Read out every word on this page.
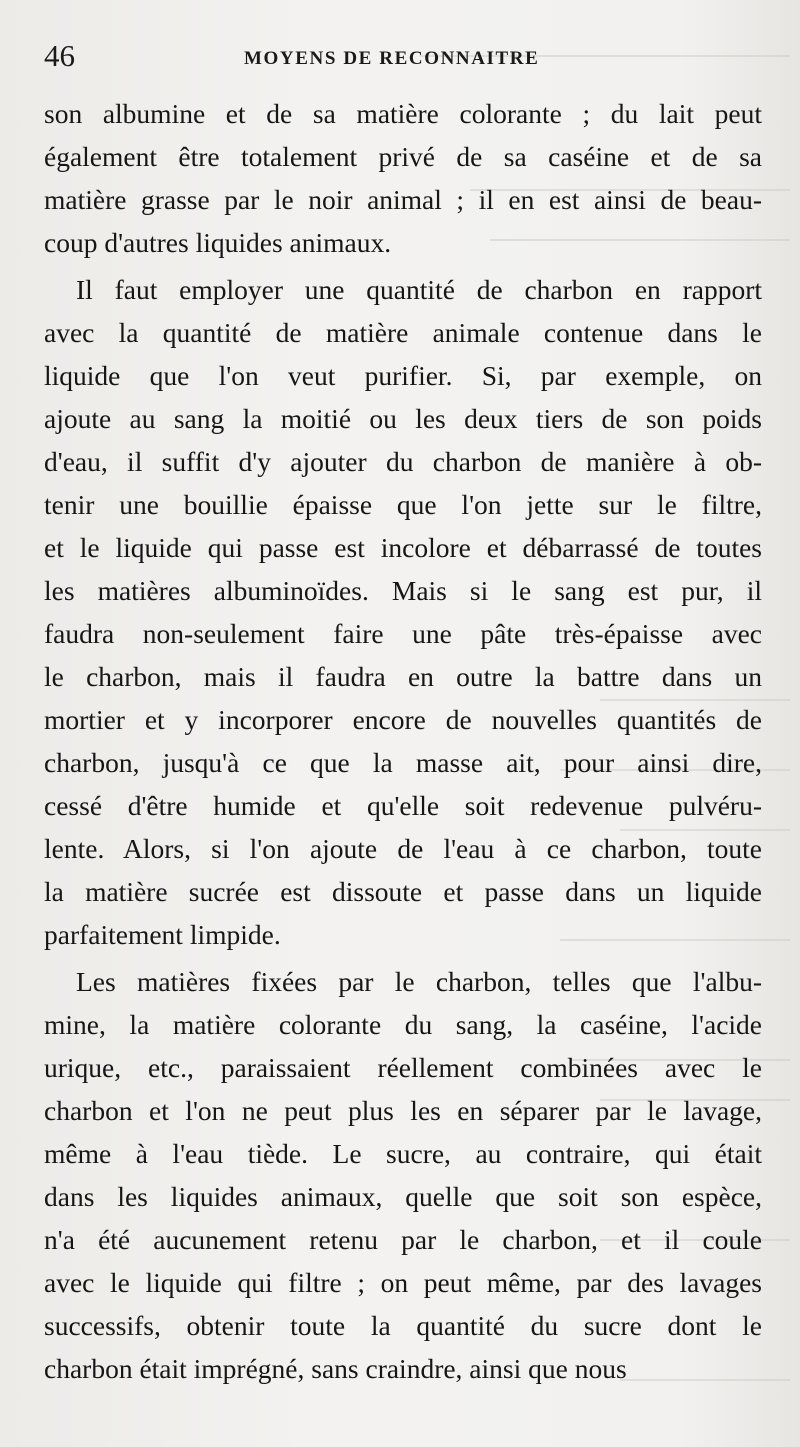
46	MOYENS DE RECONNAITRE
son albumine et de sa matière colorante ; du lait peut
également être totalement privé de sa caséine et de sa
matière grasse par le noir animal ; il en est ainsi de beau-
coup d'autres liquides animaux.
Il faut employer une quantité de charbon en rapport
avec la quantité de matière animale contenue dans le
liquide que l'on veut purifier. Si, par exemple, on
ajoute au sang la moitié ou les deux tiers de son poids
d'eau, il suffit d'y ajouter du charbon de manière à ob-
tenir une bouillie épaisse que l'on jette sur le filtre,
et le liquide qui passe est incolore et débarrassé de toutes
les matières albuminoïdes. Mais si le sang est pur, il
faudra non-seulement faire une pâte très-épaisse avec
le charbon, mais il faudra en outre la battre dans un
mortier et y incorporer encore de nouvelles quantités de
charbon, jusqu'à ce que la masse ait, pour ainsi dire,
cessé d'être humide et qu'elle soit redevenue pulvéru-
lente. Alors, si l'on ajoute de l'eau à ce charbon, toute
la matière sucrée est dissoute et passe dans un liquide
parfaitement limpide.
Les matières fixées par le charbon, telles que l'albu-
mine, la matière colorante du sang, la caséine, l'acide
urique, etc., paraissaient réellement combinées avec le
charbon et l'on ne peut plus les en séparer par le lavage,
même à l'eau tiède. Le sucre, au contraire, qui était
dans les liquides animaux, quelle que soit son espèce,
n'a été aucunement retenu par le charbon, et il coule
avec le liquide qui filtre ; on peut même, par des lavages
successifs, obtenir toute la quantité du sucre dont le
charbon était imprégné, sans craindre, ainsi que nous
